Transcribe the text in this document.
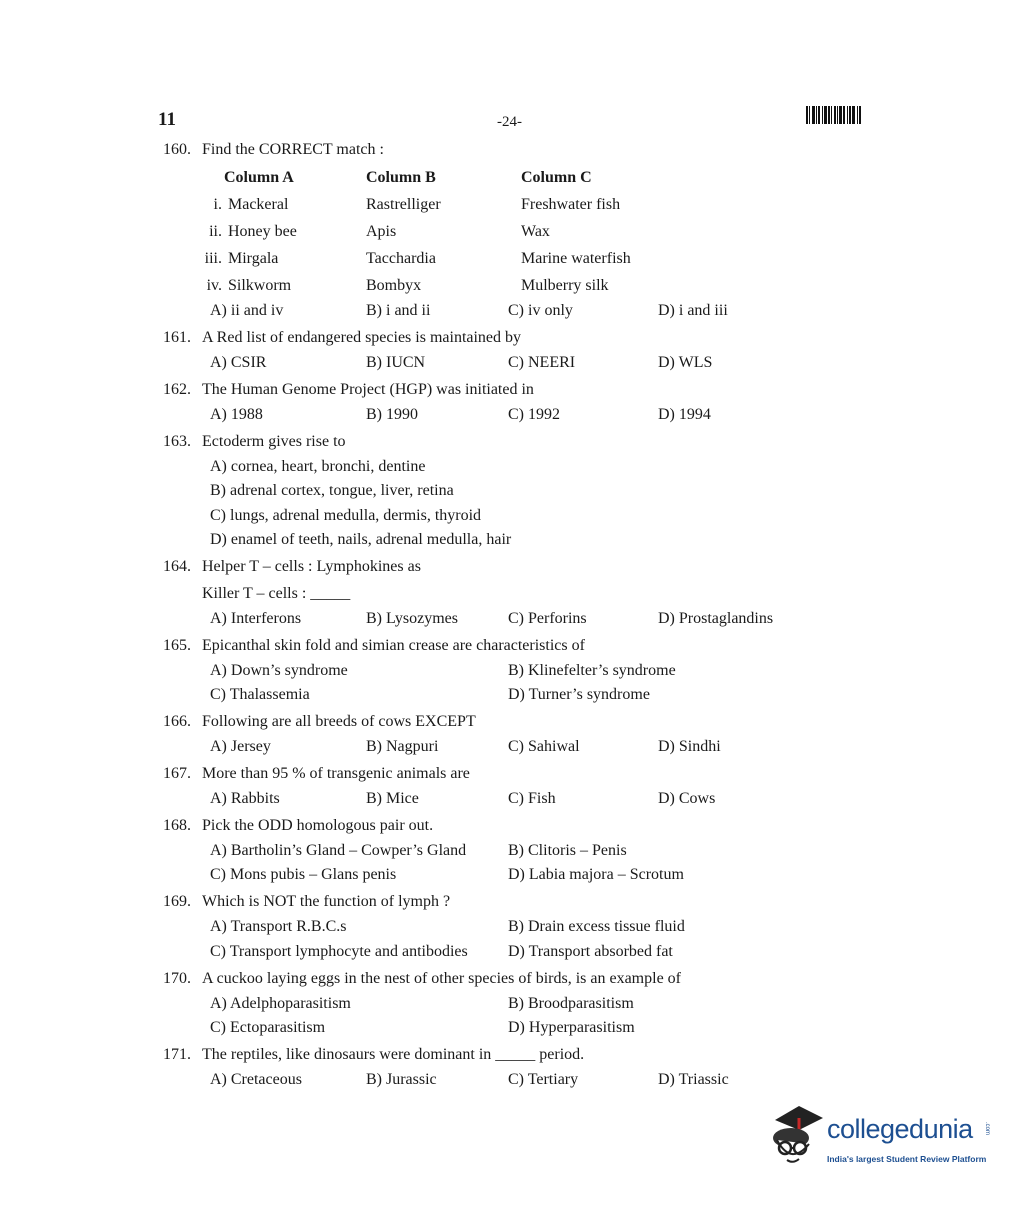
11	-24-
160. Find the CORRECT match :
Column A	Column B	Column C
i. Mackeral	Rastrelliger	Freshwater fish
ii. Honey bee	Apis	Wax
iii. Mirgala	Tacchardia	Marine waterfish
iv. Silkworm	Bombyx	Mulberry silk
A) ii and iv	B) i and ii	C) iv only	D) i and iii
161. A Red list of endangered species is maintained by
A) CSIR	B) IUCN	C) NEERI	D) WLS
162. The Human Genome Project (HGP) was initiated in
A) 1988	B) 1990	C) 1992	D) 1994
163. Ectoderm gives rise to
A) cornea, heart, bronchi, dentine
B) adrenal cortex, tongue, liver, retina
C) lungs, adrenal medulla, dermis, thyroid
D) enamel of teeth, nails, adrenal medulla, hair
164. Helper T – cells : Lymphokines as
Killer T – cells : _____
A) Interferons	B) Lysozymes	C) Perforins	D) Prostaglandins
165. Epicanthal skin fold and simian crease are characteristics of
A) Down’s syndrome	B) Klinefelter’s syndrome
C) Thalassemia	D) Turner’s syndrome
166. Following are all breeds of cows EXCEPT
A) Jersey	B) Nagpuri	C) Sahiwal	D) Sindhi
167. More than 95 % of transgenic animals are
A) Rabbits	B) Mice	C) Fish	D) Cows
168. Pick the ODD homologous pair out.
A) Bartholin’s Gland – Cowper’s Gland	B) Clitoris – Penis
C) Mons pubis – Glans penis	D) Labia majora – Scrotum
169. Which is NOT the function of lymph ?
A) Transport R.B.C.s	B) Drain excess tissue fluid
C) Transport lymphocyte and antibodies	D) Transport absorbed fat
170. A cuckoo laying eggs in the nest of other species of birds, is an example of
A) Adelphoparasitism	B) Broodparasitism
C) Ectoparasitism	D) Hyperparasitism
171. The reptiles, like dinosaurs were dominant in _____ period.
A) Cretaceous	B) Jurassic	C) Tertiary	D) Triassic
collegedunia .com
India's largest Student Review Platform
